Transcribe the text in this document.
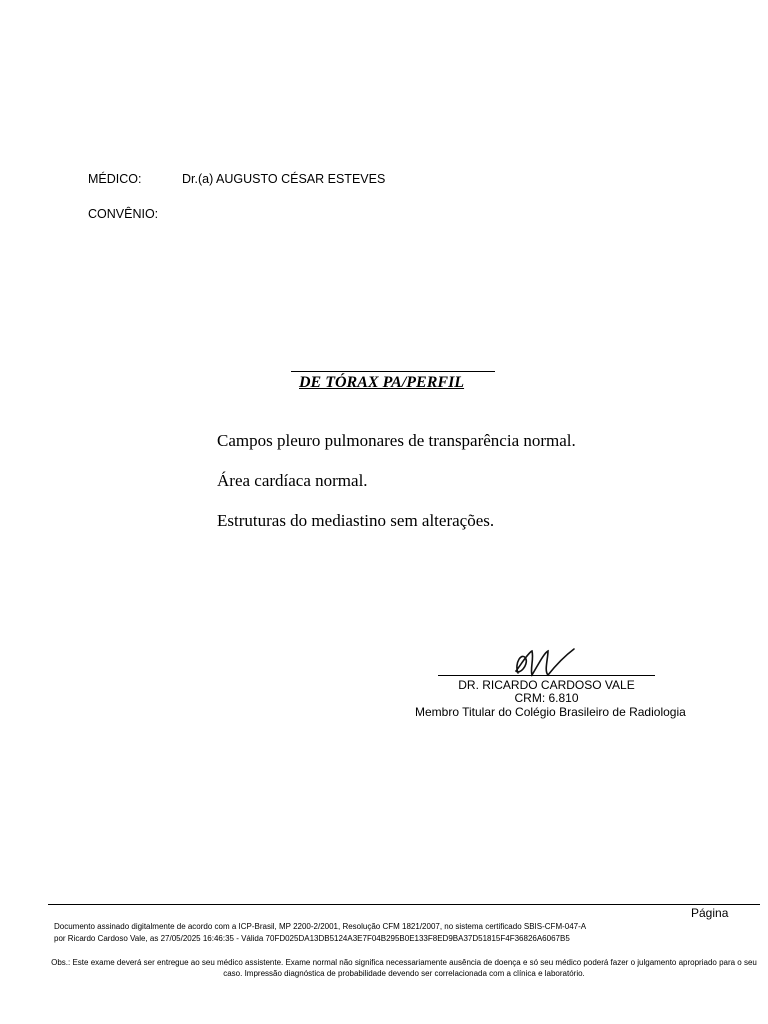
MÉDICO:	Dr.(a) AUGUSTO CÉSAR ESTEVES
CONVÊNIO:
DE TÓRAX PA/PERFIL
Campos pleuro pulmonares de transparência normal.
Área cardíaca normal.
Estruturas do mediastino sem alterações.
DR. RICARDO CARDOSO VALE
CRM: 6.810
Membro Titular do Colégio Brasileiro de Radiologia
Página
Documento assinado digitalmente de acordo com a ICP-Brasil, MP 2200-2/2001, Resolução CFM 1821/2007, no sistema certificado SBIS-CFM-047-A
por Ricardo Cardoso Vale, as 27/05/2025 16:46:35 - Válida 70FD025DA13DB5124A3E7F04B295B0E133F8ED9BA37D51815F4F36826A6067B5
Obs.: Este exame deverá ser entregue ao seu médico assistente. Exame normal não significa necessariamente ausência de doença e só seu médico poderá fazer o julgamento apropriado para o seu caso. Impressão diagnóstica de probabilidade devendo ser correlacionada com a clínica e laboratório.
